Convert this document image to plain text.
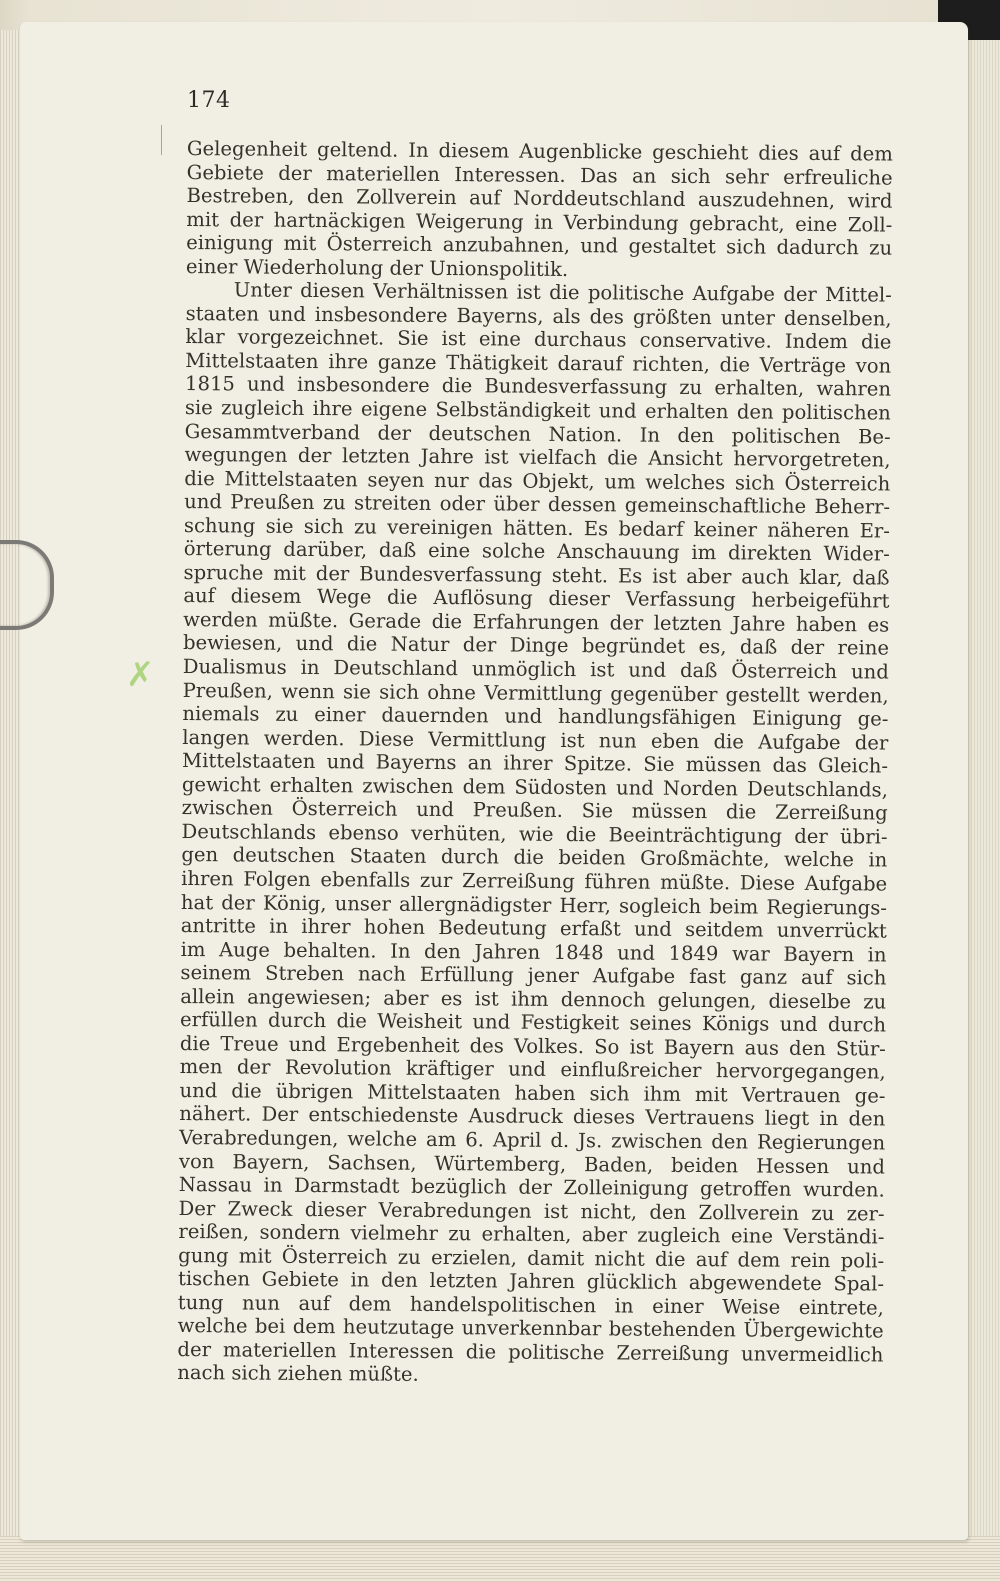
✗
174
Gelegenheit geltend. In diesem Augenblicke geschieht dies auf dem
Gebiete der materiellen Interessen. Das an sich sehr erfreuliche
Bestreben, den Zollverein auf Norddeutschland auszudehnen, wird
mit der hartnäckigen Weigerung in Verbindung gebracht, eine Zoll-
einigung mit Österreich anzubahnen, und gestaltet sich dadurch zu
einer Wiederholung der Unionspolitik.
Unter diesen Verhältnissen ist die politische Aufgabe der Mittel-
staaten und insbesondere Bayerns, als des größten unter denselben,
klar vorgezeichnet. Sie ist eine durchaus conservative. Indem die
Mittelstaaten ihre ganze Thätigkeit darauf richten, die Verträge von
1815 und insbesondere die Bundesverfassung zu erhalten, wahren
sie zugleich ihre eigene Selbständigkeit und erhalten den politischen
Gesammtverband der deutschen Nation. In den politischen Be-
wegungen der letzten Jahre ist vielfach die Ansicht hervorgetreten,
die Mittelstaaten seyen nur das Objekt, um welches sich Österreich
und Preußen zu streiten oder über dessen gemeinschaftliche Beherr-
schung sie sich zu vereinigen hätten. Es bedarf keiner näheren Er-
örterung darüber, daß eine solche Anschauung im direkten Wider-
spruche mit der Bundesverfassung steht. Es ist aber auch klar, daß
auf diesem Wege die Auflösung dieser Verfassung herbeigeführt
werden müßte. Gerade die Erfahrungen der letzten Jahre haben es
bewiesen, und die Natur der Dinge begründet es, daß der reine
Dualismus in Deutschland unmöglich ist und daß Österreich und
Preußen, wenn sie sich ohne Vermittlung gegenüber gestellt werden,
niemals zu einer dauernden und handlungsfähigen Einigung ge-
langen werden. Diese Vermittlung ist nun eben die Aufgabe der
Mittelstaaten und Bayerns an ihrer Spitze. Sie müssen das Gleich-
gewicht erhalten zwischen dem Südosten und Norden Deutschlands,
zwischen Österreich und Preußen. Sie müssen die Zerreißung
Deutschlands ebenso verhüten, wie die Beeinträchtigung der übri-
gen deutschen Staaten durch die beiden Großmächte, welche in
ihren Folgen ebenfalls zur Zerreißung führen müßte. Diese Aufgabe
hat der König, unser allergnädigster Herr, sogleich beim Regierungs-
antritte in ihrer hohen Bedeutung erfaßt und seitdem unverrückt
im Auge behalten. In den Jahren 1848 und 1849 war Bayern in
seinem Streben nach Erfüllung jener Aufgabe fast ganz auf sich
allein angewiesen; aber es ist ihm dennoch gelungen, dieselbe zu
erfüllen durch die Weisheit und Festigkeit seines Königs und durch
die Treue und Ergebenheit des Volkes. So ist Bayern aus den Stür-
men der Revolution kräftiger und einflußreicher hervorgegangen,
und die übrigen Mittelstaaten haben sich ihm mit Vertrauen ge-
nähert. Der entschiedenste Ausdruck dieses Vertrauens liegt in den
Verabredungen, welche am 6. April d. Js. zwischen den Regierungen
von Bayern, Sachsen, Würtemberg, Baden, beiden Hessen und
Nassau in Darmstadt bezüglich der Zolleinigung getroffen wurden.
Der Zweck dieser Verabredungen ist nicht, den Zollverein zu zer-
reißen, sondern vielmehr zu erhalten, aber zugleich eine Verständi-
gung mit Österreich zu erzielen, damit nicht die auf dem rein poli-
tischen Gebiete in den letzten Jahren glücklich abgewendete Spal-
tung nun auf dem handelspolitischen in einer Weise eintrete,
welche bei dem heutzutage unverkennbar bestehenden Übergewichte
der materiellen Interessen die politische Zerreißung unvermeidlich
nach sich ziehen müßte.
